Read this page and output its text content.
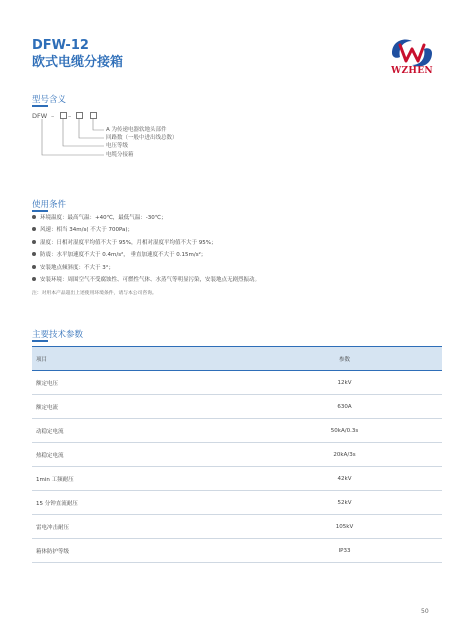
DFW-12
欧式电缆分接箱
WZHEN
型号含义
DFW – –
A 为传递电器软地头部件
回路数（一般中进出线总数）
电压等级
电缆分接箱
使用条件
环境温度：最高气温：+40℃，最低气温：-30℃；
风速：相当 34m/s( 不大于 700Pa)；
湿度：日相对湿度平均值不大于 95%，月相对湿度平均值不大于 95%；
防震：水平加速度不大于 0.4m/s²， 垂直加速度不大于 0.15m/s²；
安装地点倾斜度：不大于 3°；
安装环境：周围空气不受腐蚀性、可燃性气体、水蒸气等明显污染，安装地点无剧烈振动。
注：对用本产品超出上述使用环境条件，请与本公司咨询。
主要技术参数
项目	参数
额定电压	12kV
额定电流	630A
动稳定电流	50kA/0.3s
热稳定电流	20kA/3s
1min 工频耐压	42kV
15 分钟直流耐压	52kV
雷电冲击耐压	105kV
箱体防护等级	IP33
50
